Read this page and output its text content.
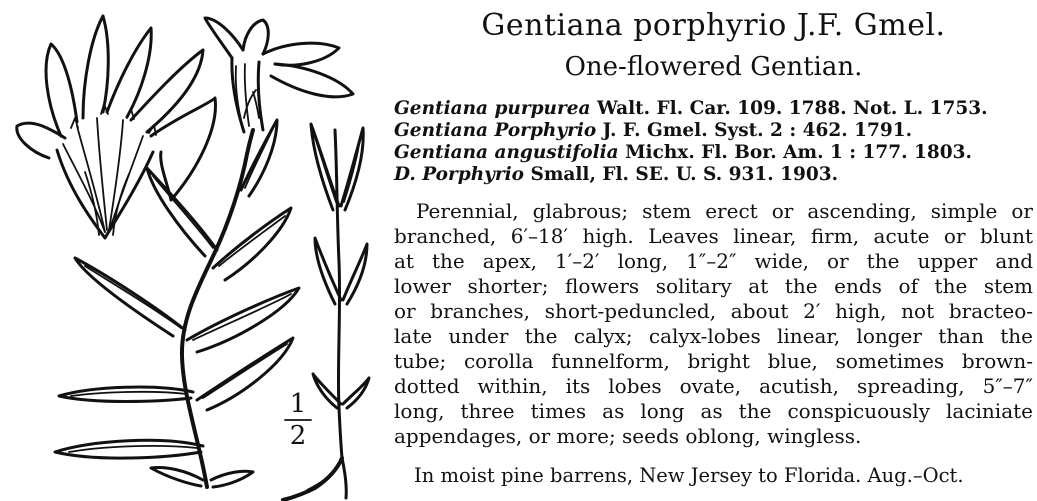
1
2
Gentiana porphyrio J.F. Gmel.
One-flowered Gentian.

Gentiana purpurea Walt. Fl. Car. 109. 1788. Not. L. 1753.

Gentiana Porphyrio J. F. Gmel. Syst. 2 : 462. 1791.

Gentiana angustifolia Michx. Fl. Bor. Am. 1 : 177. 1803.

D. Porphyrio Small, Fl. SE. U. S. 931. 1903.

Perennial, glabrous; stem erect or ascending, simple or
branched, 6′–18′ high. Leaves linear, firm, acute or blunt
at the apex, 1′–2′ long, 1″–2″ wide, or the upper and
lower shorter; flowers solitary at the ends of the stem
or branches, short-peduncled, about 2′ high, not bracteo-
late under the calyx; calyx-lobes linear, longer than the
tube; corolla funnelform, bright blue, sometimes brown-
dotted within, its lobes ovate, acutish, spreading, 5″–7″
long, three times as long as the conspicuously laciniate
appendages, or more; seeds oblong, wingless.

In moist pine barrens, New Jersey to Florida. Aug.–Oct.
